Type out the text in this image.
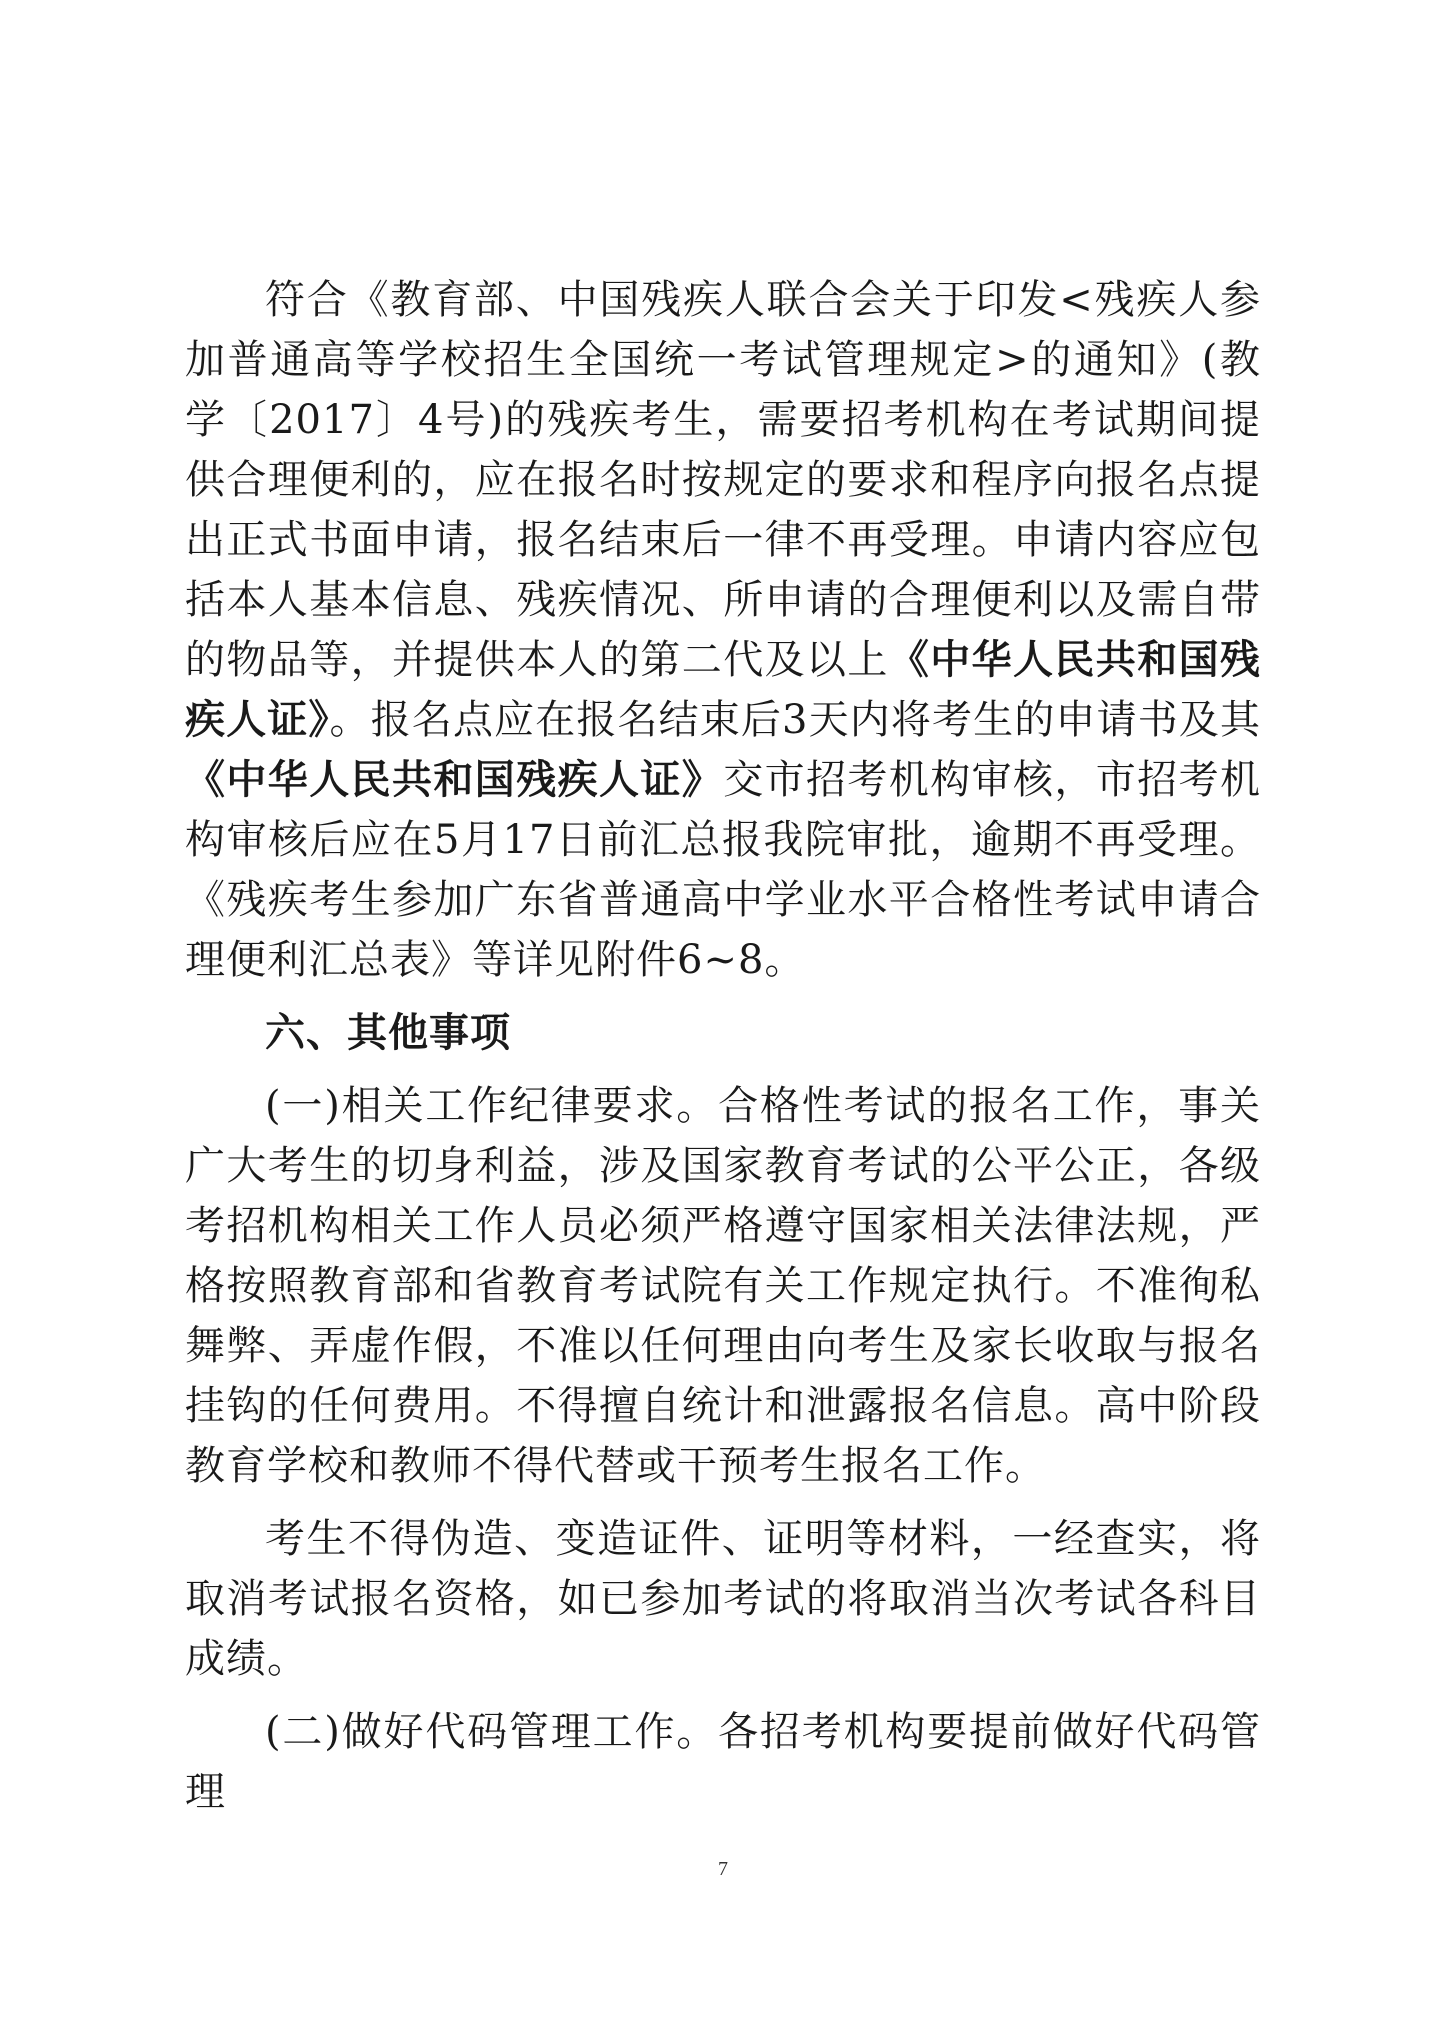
符合《教育部、中国残疾人联合会关于印发<残疾人参加普通高等学校招生全国统一考试管理规定>的通知》(教学〔2017〕4号)的残疾考生，需要招考机构在考试期间提供合理便利的，应在报名时按规定的要求和程序向报名点提出正式书面申请，报名结束后一律不再受理。申请内容应包括本人基本信息、残疾情况、所申请的合理便利以及需自带的物品等，并提供本人的第二代及以上《中华人民共和国残疾人证》。报名点应在报名结束后3天内将考生的申请书及其《中华人民共和国残疾人证》交市招考机构审核，市招考机构审核后应在5月17日前汇总报我院审批，逾期不再受理。《残疾考生参加广东省普通高中学业水平合格性考试申请合理便利汇总表》等详见附件6~8。

六、其他事项

(一)相关工作纪律要求。合格性考试的报名工作，事关广大考生的切身利益，涉及国家教育考试的公平公正，各级考招机构相关工作人员必须严格遵守国家相关法律法规，严格按照教育部和省教育考试院有关工作规定执行。不准徇私舞弊、弄虚作假，不准以任何理由向考生及家长收取与报名挂钩的任何费用。不得擅自统计和泄露报名信息。高中阶段教育学校和教师不得代替或干预考生报名工作。

考生不得伪造、变造证件、证明等材料，一经查实，将取消考试报名资格，如已参加考试的将取消当次考试各科目成绩。

(二)做好代码管理工作。各招考机构要提前做好代码管理

7
